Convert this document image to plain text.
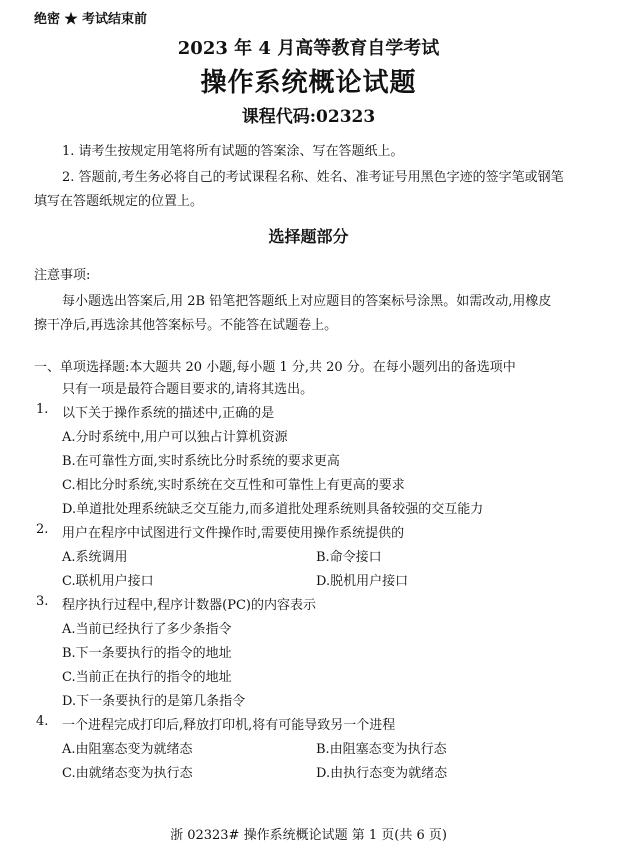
绝密 ★ 考试结束前
2023 年 4 月高等教育自学考试
操作系统概论试题
课程代码:02323
1. 请考生按规定用笔将所有试题的答案涂、写在答题纸上。
2. 答题前,考生务必将自己的考试课程名称、姓名、准考证号用黑色字迹的签字笔或钢笔
填写在答题纸规定的位置上。
选择题部分
注意事项:
每小题选出答案后,用 2B 铅笔把答题纸上对应题目的答案标号涂黑。如需改动,用橡皮
擦干净后,再选涂其他答案标号。不能答在试题卷上。
一、单项选择题:本大题共 20 小题,每小题 1 分,共 20 分。在每小题列出的备选项中
只有一项是最符合题目要求的,请将其选出。
1. 以下关于操作系统的描述中,正确的是
A.分时系统中,用户可以独占计算机资源
B.在可靠性方面,实时系统比分时系统的要求更高
C.相比分时系统,实时系统在交互性和可靠性上有更高的要求
D.单道批处理系统缺乏交互能力,而多道批处理系统则具备较强的交互能力
2. 用户在程序中试图进行文件操作时,需要使用操作系统提供的
A.系统调用	B.命令接口
C.联机用户接口	D.脱机用户接口
3. 程序执行过程中,程序计数器(PC)的内容表示
A.当前已经执行了多少条指令
B.下一条要执行的指令的地址
C.当前正在执行的指令的地址
D.下一条要执行的是第几条指令
4. 一个进程完成打印后,释放打印机,将有可能导致另一个进程
A.由阻塞态变为就绪态	B.由阻塞态变为执行态
C.由就绪态变为执行态	D.由执行态变为就绪态
浙 02323# 操作系统概论试题 第 1 页(共 6 页)
